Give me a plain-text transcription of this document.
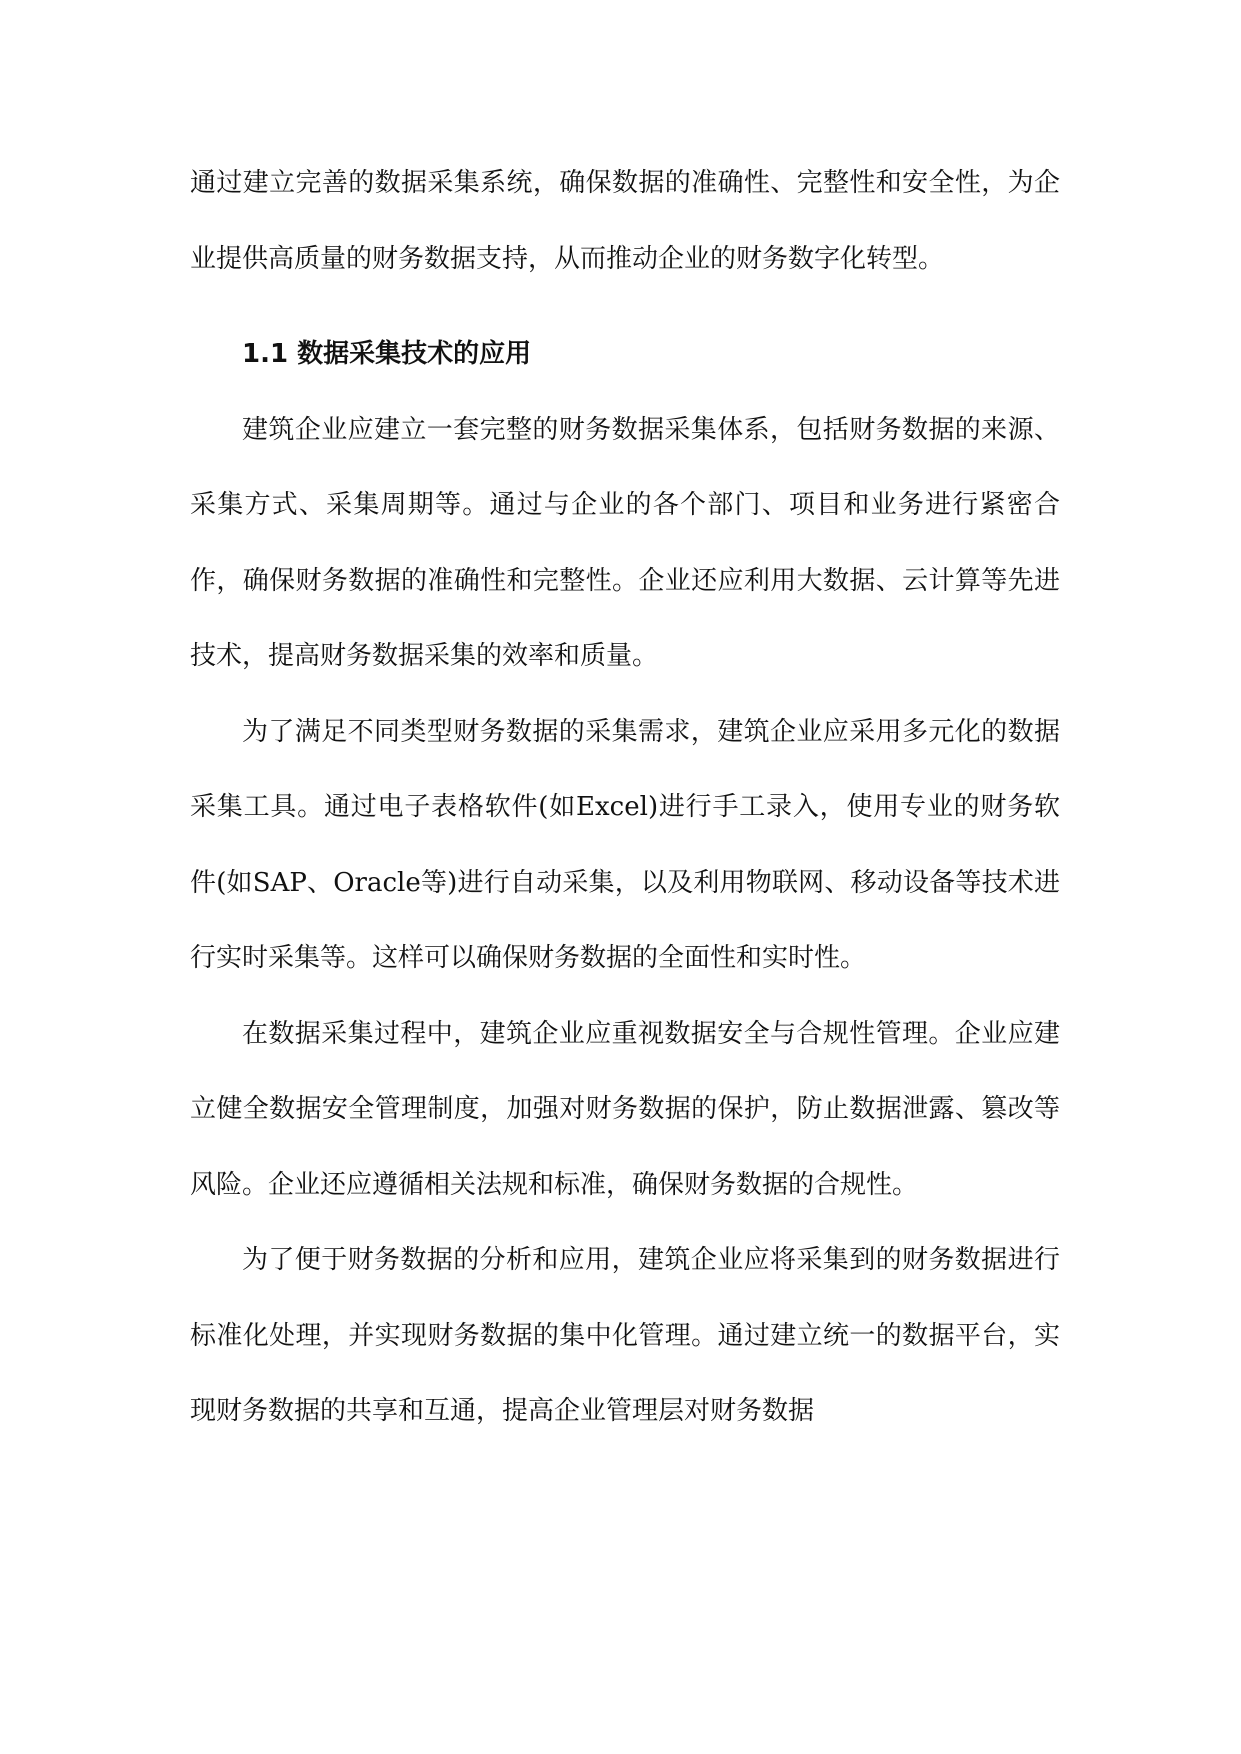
通过建立完善的数据采集系统，确保数据的准确性、完整性和安全性，为企业提供高质量的财务数据支持，从而推动企业的财务数字化转型。

1.1 数据采集技术的应用

建筑企业应建立一套完整的财务数据采集体系，包括财务数据的来源、采集方式、采集周期等。通过与企业的各个部门、项目和业务进行紧密合作，确保财务数据的准确性和完整性。企业还应利用大数据、云计算等先进技术，提高财务数据采集的效率和质量。

为了满足不同类型财务数据的采集需求，建筑企业应采用多元化的数据采集工具。通过电子表格软件(如Excel)进行手工录入，使用专业的财务软件(如SAP、Oracle等)进行自动采集，以及利用物联网、移动设备等技术进行实时采集等。这样可以确保财务数据的全面性和实时性。

在数据采集过程中，建筑企业应重视数据安全与合规性管理。企业应建立健全数据安全管理制度，加强对财务数据的保护，防止数据泄露、篡改等风险。企业还应遵循相关法规和标准，确保财务数据的合规性。

为了便于财务数据的分析和应用，建筑企业应将采集到的财务数据进行标准化处理，并实现财务数据的集中化管理。通过建立统一的数据平台，实现财务数据的共享和互通，提高企业管理层对财务数据
